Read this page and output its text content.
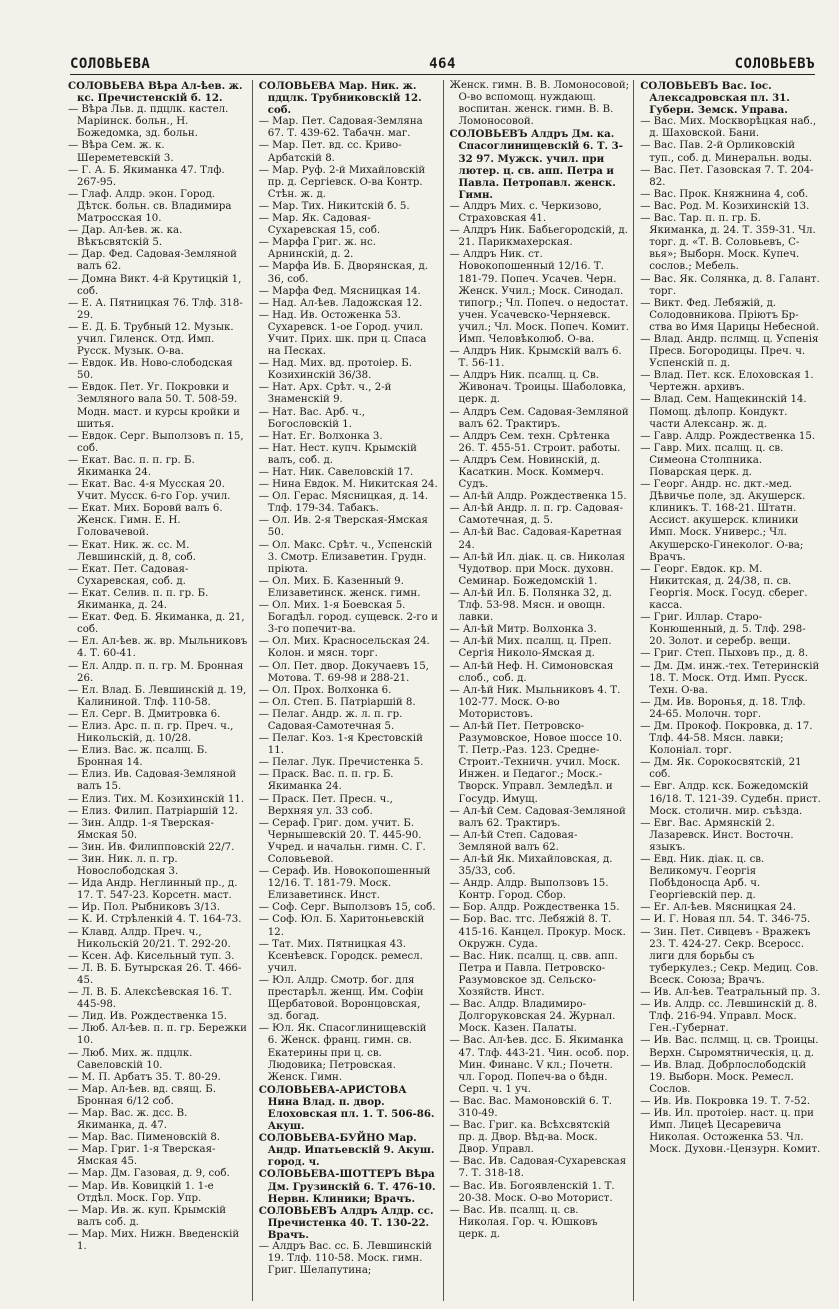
СОЛОВЬЕВА	464	СОЛОВЬЕВЪ

СОЛОВЬЕВА Вѣра Ал-ѣев. ж. кс. Пречистенскій б. 12.

— Вѣра Льв. д. пдцлк. кастел. Маріинск. больн., Н. Божедомка, зд. больн.

— Вѣра Сем. ж. к. Шереметевскій 3.

— Г. А. Б. Якиманка 47. Тлф. 267-95.

— Глаф. Алдр. экон. Город. Дѣтск. больн. св. Владимира Матросская 10.

— Дар. Ал-ѣев. ж. ка. Вѣкъсвятскій 5.

— Дар. Фед. Садовая-Земляной валъ 62.

— Домна Викт. 4-й Крутицкій 1, соб.

— Е. А. Пятницкая 76. Тлф. 318-29.

— Е. Д. Б. Трубный 12. Музык. учил. Гиленск. Отд. Имп. Русск. Музык. О-ва.

— Евдок. Ив. Ново-слободская 50.

— Евдок. Пет. Уг. Покровки и Земляного вала 50. Т. 508-59. Модн. маст. и курсы кройки и шитья.

— Евдок. Серг. Выползовъ п. 15, соб.

— Екат. Вас. п. п. гр. Б. Якиманка 24.

— Екат. Вас. 4-я Мусская 20. Учит. Мусск. 6-го Гор. учил.

— Екат. Мих. Боровй валъ 6. Женск. Гимн. Е. Н. Головачевой.

— Екат. Ник. ж. сс. М. Левшинскій, д. 8, соб.

— Екат. Пет. Садовая-Сухаревская, соб. д.

— Екат. Селив. п. п. гр. Б. Якиманка, д. 24.

— Екат. Фед. Б. Якиманка, д. 21, соб.

— Ел. Ал-ѣев. ж. вр. Мыльниковъ 4. Т. 60-41.

— Ел. Алдр. п. п. гр. М. Бронная 26.

— Ел. Влад. Б. Левшинскій д. 19, Калининой. Тлф. 110-58.

— Ел. Серг. В. Дмитровка 6.

— Елиз. Арс. п. п. гр. Преч. ч., Никольскій, д. 10/28.

— Елиз. Вас. ж. псалщ. Б. Бронная 14.

— Елиз. Ив. Садовая-Земляной валъ 15.

— Елиз. Тих. М. Козихинскій 11.

— Елиз. Филип. Патріаршій 12.

— Зин. Алдр. 1-я Тверская-Ямская 50.

— Зин. Ив. Филипповскій 22/7.

— Зин. Ник. л. п. гр. Новослободская 3.

— Ида Андр. Неглинный пр., д. 17. Т. 547-23. Корсетн. маст.

— Ир. Пол. Рыбниковъ 3/13.

— К. И. Стрѣленкій 4. Т. 164-73.

— Клавд. Алдр. Преч. ч., Никольскій 20/21. Т. 292-20.

— Ксен. Аф. Кисельный туп. 3.

— Л. В. Б. Бутырская 26. Т. 466-45.

— Л. В. Б. Алексѣевская 16. Т. 445-98.

— Лид. Ив. Рождественка 15.

— Люб. Ал-ѣев. п. п. гр. Бережки 10.

— Люб. Мих. ж. пдцлк. Савеловскій 10.

— М. П. Арбатъ 35. Т. 80-29.

— Мар. Ал-ѣев. вд. свящ. Б. Бронная 6/12 соб.

— Мар. Вас. ж. дсс. В. Якиманка, д. 47.

— Мар. Вас. Пименовскій 8.

— Мар. Григ. 1-я Тверская-Ямская 45.

— Мар. Дм. Газовая, д. 9, соб.

— Мар. Ив. Ковицкій 1. 1-е Отдѣл. Моск. Гор. Упр.

— Мар. Ив. ж. куп. Крымскій валъ соб. д.

— Мар. Мих. Нижн. Введенскій 1.

СОЛОВЬЕВА Мар. Ник. ж. пдцлк. Трубниковскій 12. соб.

— Мар. Пет. Садовая-Земляна 67. Т. 439-62. Табачн. маг.

— Мар. Пет. вд. сс. Криво-Арбатскій 8.

— Мар. Руф. 2-й Михайловскій пр. д. Сергіевск. О-ва Контр. Стѣн. ж. д.

— Мар. Тих. Никитскій б. 5.

— Мар. Як. Садовая-Сухаревская 15, соб.

— Марфа Григ. ж. нс. Арнинскій, д. 2.

— Марфа Ив. Б. Дворянская, д. 36, соб.

— Марфа Фед. Мясницкая 14.

— Над. Ал-ѣев. Ладожская 12.

— Над. Ив. Остоженка 53. Сухаревск. 1-ое Город. учил. Учит. Прих. шк. при ц. Спаса на Песках.

— Над. Мих. вд. протоіер. Б. Козихинскій 36/38.

— Нат. Арх. Срѣт. ч., 2-й Знаменскій 9.

— Нат. Вас. Арб. ч., Богословскій 1.

— Нат. Ег. Волхонка 3.

— Нат. Нест. купч. Крымскій валъ, соб. д.

— Нат. Ник. Савеловскій 17.

— Нина Евдок. М. Никитская 24.

— Ол. Герас. Мясницкая, д. 14. Тлф. 179-34. Табакъ.

— Ол. Ив. 2-я Тверская-Ямская 50.

— Ол. Макс. Срѣт. ч., Успенскій 3. Смотр. Елизаветин. Грудн. пріюта.

— Ол. Мих. Б. Казенный 9. Елизаветинск. женск. гимн.

— Ол. Мих. 1-я Боевская 5. Богадѣл. город. сущевск. 2-го и 3-го попечит-ва.

— Ол. Мих. Красносельская 24. Колон. и мясн. торг.

— Ол. Пет. двор. Докучаевъ 15, Мотова. Т. 69-98 и 288-21.

— Ол. Прох. Волхонка 6.

— Ол. Степ. Б. Патріаршій 8.

— Пелаг. Андр. ж. л. п. гр. Садовая-Самотечная 5.

— Пелаг. Коз. 1-я Крестовскій 11.

— Пелаг. Лук. Пречистенка 5.

— Праск. Вас. п. п. гр. Б. Якиманка 24.

— Праск. Пет. Пресн. ч., Верхняя ул. 33 соб.

— Сераф. Григ. дом. учит. Б. Чернышевскій 20. Т. 445-90. Учред. и начальн. гимн. С. Г. Соловьевой.

— Сераф. Ив. Новокопошенный 12/16. Т. 181-79. Моск. Елизаветинск. Инст.

— Соф. Серг. Выползовъ 15, соб.

— Соф. Юл. Б. Харитоньевскій 12.

— Тат. Мих. Пятницкая 43. Ксенѣевск. Городск. ремесл. учил.

— Юл. Алдр. Смотр. бог. для престарѣл. женщ. Им. Софіи Щербатовой. Воронцовская, зд. богад.

— Юл. Як. Спасоглинищевскій 6. Женск. франц. гимн. св. Екатерины при ц. св. Людовика; Петровская. Женск. Гимн.

СОЛОВЬЕВА-АРИСТОВА Нина Влад. п. двор. Елоховская пл. 1. Т. 506-86. Акуш.

СОЛОВЬЕВА-БУЙНО Мар. Андр. Ипатьевскій 9. Акуш. город. ч.

СОЛОВЬЕВА-ШОТТЕРЪ Вѣра Дм. Грузинскій 6. Т. 476-10. Нервн. Клиники; Врачъ.

СОЛОВЬЕВЪ Алдръ Алдр. сс. Пречистенка 40. Т. 130-22. Врачъ.

— Алдръ Вас. сс. Б. Левшинскій 19. Тлф. 110-58. Моск. гимн. Григ. Шелапутина;

Женск. гимн. В. В. Ломоносовой; О-во вспомощ. нуждающ. воспитан. женск. гимн. В. В. Ломоносовой.

СОЛОВЬЕВЪ Алдръ Дм. ка. Спасоглинищевскій 6. Т. 3-32 97. Мужск. учил. при лютер. ц. св. апп. Петра и Павла. Петропавл. женск. Гимн.

— Алдръ Мих. с. Черкизово, Страховская 41.

— Алдръ Ник. Бабьегородскій, д. 21. Парикмахерская.

— Алдръ Ник. ст. Новокопошенный 12/16. Т. 181-79. Попеч. Усачев. Черн. Женск. Учил.; Моск. Синодал. типогр.; Чл. Попеч. о недостат. учен. Усачевско-Черняевск. учил.; Чл. Моск. Попеч. Комит. Имп. Человѣколюб. О-ва.

— Алдръ Ник. Крымскій валъ 6. Т. 56-11.

— Алдръ Ник. псалщ. ц. Св. Живонач. Троицы. Шаболовка, церк. д.

— Алдръ Сем. Садовая-Земляной валъ 62. Трактиръ.

— Алдръ Сем. техн. Срѣтенка 26. Т. 455-51. Строит. работы.

— Алдръ Сем. Новинскій, д. Касаткин. Моск. Коммерч. Судъ.

— Ал-ѣй Алдр. Рождественка 15.

— Ал-ѣй Андр. л. п. гр. Садовая-Самотечная, д. 5.

— Ал-ѣй Вас. Садовая-Каретная 24.

— Ал-ѣй Ил. діак. ц. св. Николая Чудотвор. при Моск. духовн. Семинар. Божедомскій 1.

— Ал-ѣй Ил. Б. Полянка 32, д. Тлф. 53-98. Мясн. и овощн. лавки.

— Ал-ѣй Митр. Волхонка 3.

— Ал-ѣй Мих. псалщ. ц. Преп. Сергія Николо-Ямская д.

— Ал-ѣй Неф. Н. Симоновская слоб., соб. д.

— Ал-ѣй Ник. Мыльниковъ 4. Т. 102-77. Моск. О-во Мотористовъ.

— Ал-ѣй Пет. Петровско-Разумовское, Новое шоссе 10. Т. Петр.-Раз. 123. Средне-Строит.-Техничн. учил. Моск. Инжен. и Педагог.; Моск.-Творск. Управл. Земледѣл. и Госудр. Имущ.

— Ал-ѣй Сем. Садовая-Земляной валъ 62. Трактиръ.

— Ал-ѣй Степ. Садовая-Земляной валъ 62.

— Ал-ѣй Як. Михайловская, д. 35/33, соб.

— Андр. Алдр. Выползовъ 15. Контр. Город. Сбор.

— Бор. Алдр. Рождественка 15.

— Бор. Вас. тгс. Лебяжій 8. Т. 415-16. Канцел. Прокур. Моск. Окружн. Суда.

— Вас. Ник. псалщ. ц. свв. апп. Петра и Павла. Петровско-Разумовское зд. Сельско-Хозяйств. Инст.

— Вас. Алдр. Владимиро-Долгоруковская 24. Журнал. Моск. Казен. Палаты.

— Вас. Ал-ѣев. дсс. Б. Якиманка 47. Тлф. 443-21. Чин. особ. пор. Мин. Финанс. V кл.; Почетн. чл. Город. Попеч-ва о бѣдн. Серп. ч. 1 уч.

— Вас. Вас. Мамоновскій 6. Т. 310-49.

— Вас. Григ. ка. Всѣхсвятскій пр. д. Двор. Вѣд-ва. Моск. Двор. Управл.

— Вас. Ив. Садовая-Сухаревская 7. Т. 318-18.

— Вас. Ив. Богоявленскій 1. Т. 20-38. Моск. О-во Моторист.

— Вас. Ив. псалщ. ц. св. Николая. Гор. ч. Юшковъ церк. д.

СОЛОВЬЕВЪ Вас. Іос. Алексадровская пл. 31. Губерн. Земск. Управа.

— Вас. Мих. Москворѣцкая наб., д. Шаховской. Бани.

— Вас. Пав. 2-й Орликовскій туп., соб. д. Минеральн. воды.

— Вас. Пет. Газовская 7. Т. 204-82.

— Вас. Прок. Княжнина 4, соб.

— Вас. Род. М. Козихинскій 13.

— Вас. Тар. п. п. гр. Б. Якиманка, д. 24. Т. 359-31. Чл. торг. д. «Т. В. Соловьевъ, С-вья»; Выборн. Моск. Купеч. сослов.; Мебель.

— Вас. Як. Солянка, д. 8. Галант. торг.

— Викт. Фед. Лебяжій, д. Солодовникова. Пріютъ Бр-ства во Имя Царицы Небесной.

— Влад. Андр. пслмщ. ц. Успенія Пресв. Богородицы. Преч. ч. Успенскій п. д.

— Влад. Пет. кск. Елоховская 1. Чертежн. архивъ.

— Влад. Сем. Нащекинскій 14. Помощ. дѣлопр. Кондукт. части Алексанр. ж. д.

— Гавр. Алдр. Рождественка 15.

— Гавр. Мих. псалщ. ц. св. Симеона Столпника. Поварская церк. д.

— Георг. Андр. нс. дкт.-мед. Дѣвичье поле, зд. Акушерск. клиникъ. Т. 168-21. Штатн. Ассист. акушерск. клиники Имп. Моск. Универс.; Чл. Акушерско-Гинеколог. О-ва; Врачъ.

— Георг. Евдок. кр. М. Никитская, д. 24/38, п. св. Георгія. Моск. Госуд. сберег. касса.

— Григ. Иллар. Старо-Конюшенный, д. 5. Тлф. 298-20. Золот. и серебр. вещи.

— Григ. Степ. Пыховъ пр., д. 8.

— Дм. Дм. инж.-тех. Тетеринскій 18. Т. Моск. Отд. Имп. Русск. Техн. О-ва.

— Дм. Ив. Воронья, д. 18. Тлф. 24-65. Молочн. торг.

— Дм. Прокоф. Покровка, д. 17. Тлф. 44-58. Мясн. лавки; Колоніал. торг.

— Дм. Як. Сорокосвятскій, 21 соб.

— Евг. Алдр. кск. Божедомскій 16/18. Т. 121-39. Судебн. прист. Моск. столичн. мир. съѣзда.

— Евг. Вас. Армянскій 2. Лазаревск. Инст. Восточн. языкъ.

— Евд. Ник. діак. ц. св. Великомуч. Георгія Побѣдоносца Арб. ч. Георгіевскій пер. д.

— Ег. Ал-ѣев. Мясницкая 24.

— И. Г. Новая пл. 54. Т. 346-75.

— Зин. Пет. Сивцевъ - Вражекъ 23. Т. 424-27. Секр. Всеросс. лиги для борьбы съ туберкулез.; Секр. Медиц. Сов. Всеск. Союза; Врачъ.

— Ив. Ал-ѣев. Театральный пр. 3.

— Ив. Алдр. сс. Левшинскій д. 8. Тлф. 216-94. Управл. Моск. Ген.-Губернат.

— Ив. Вас. пслмщ. ц. св. Троицы. Верхн. Сыромятническія, ц. д.

— Ив. Влад. Добрлослободскій 19. Выборн. Моск. Ремесл. Сослов.

— Ив. Ив. Покровка 19. Т. 7-52.

— Ив. Ил. протоіер. наст. ц. при Имп. Лицеѣ Цесаревича Николая. Остоженка 53. Чл. Моск. Духовн.-Цензурн. Комит.
